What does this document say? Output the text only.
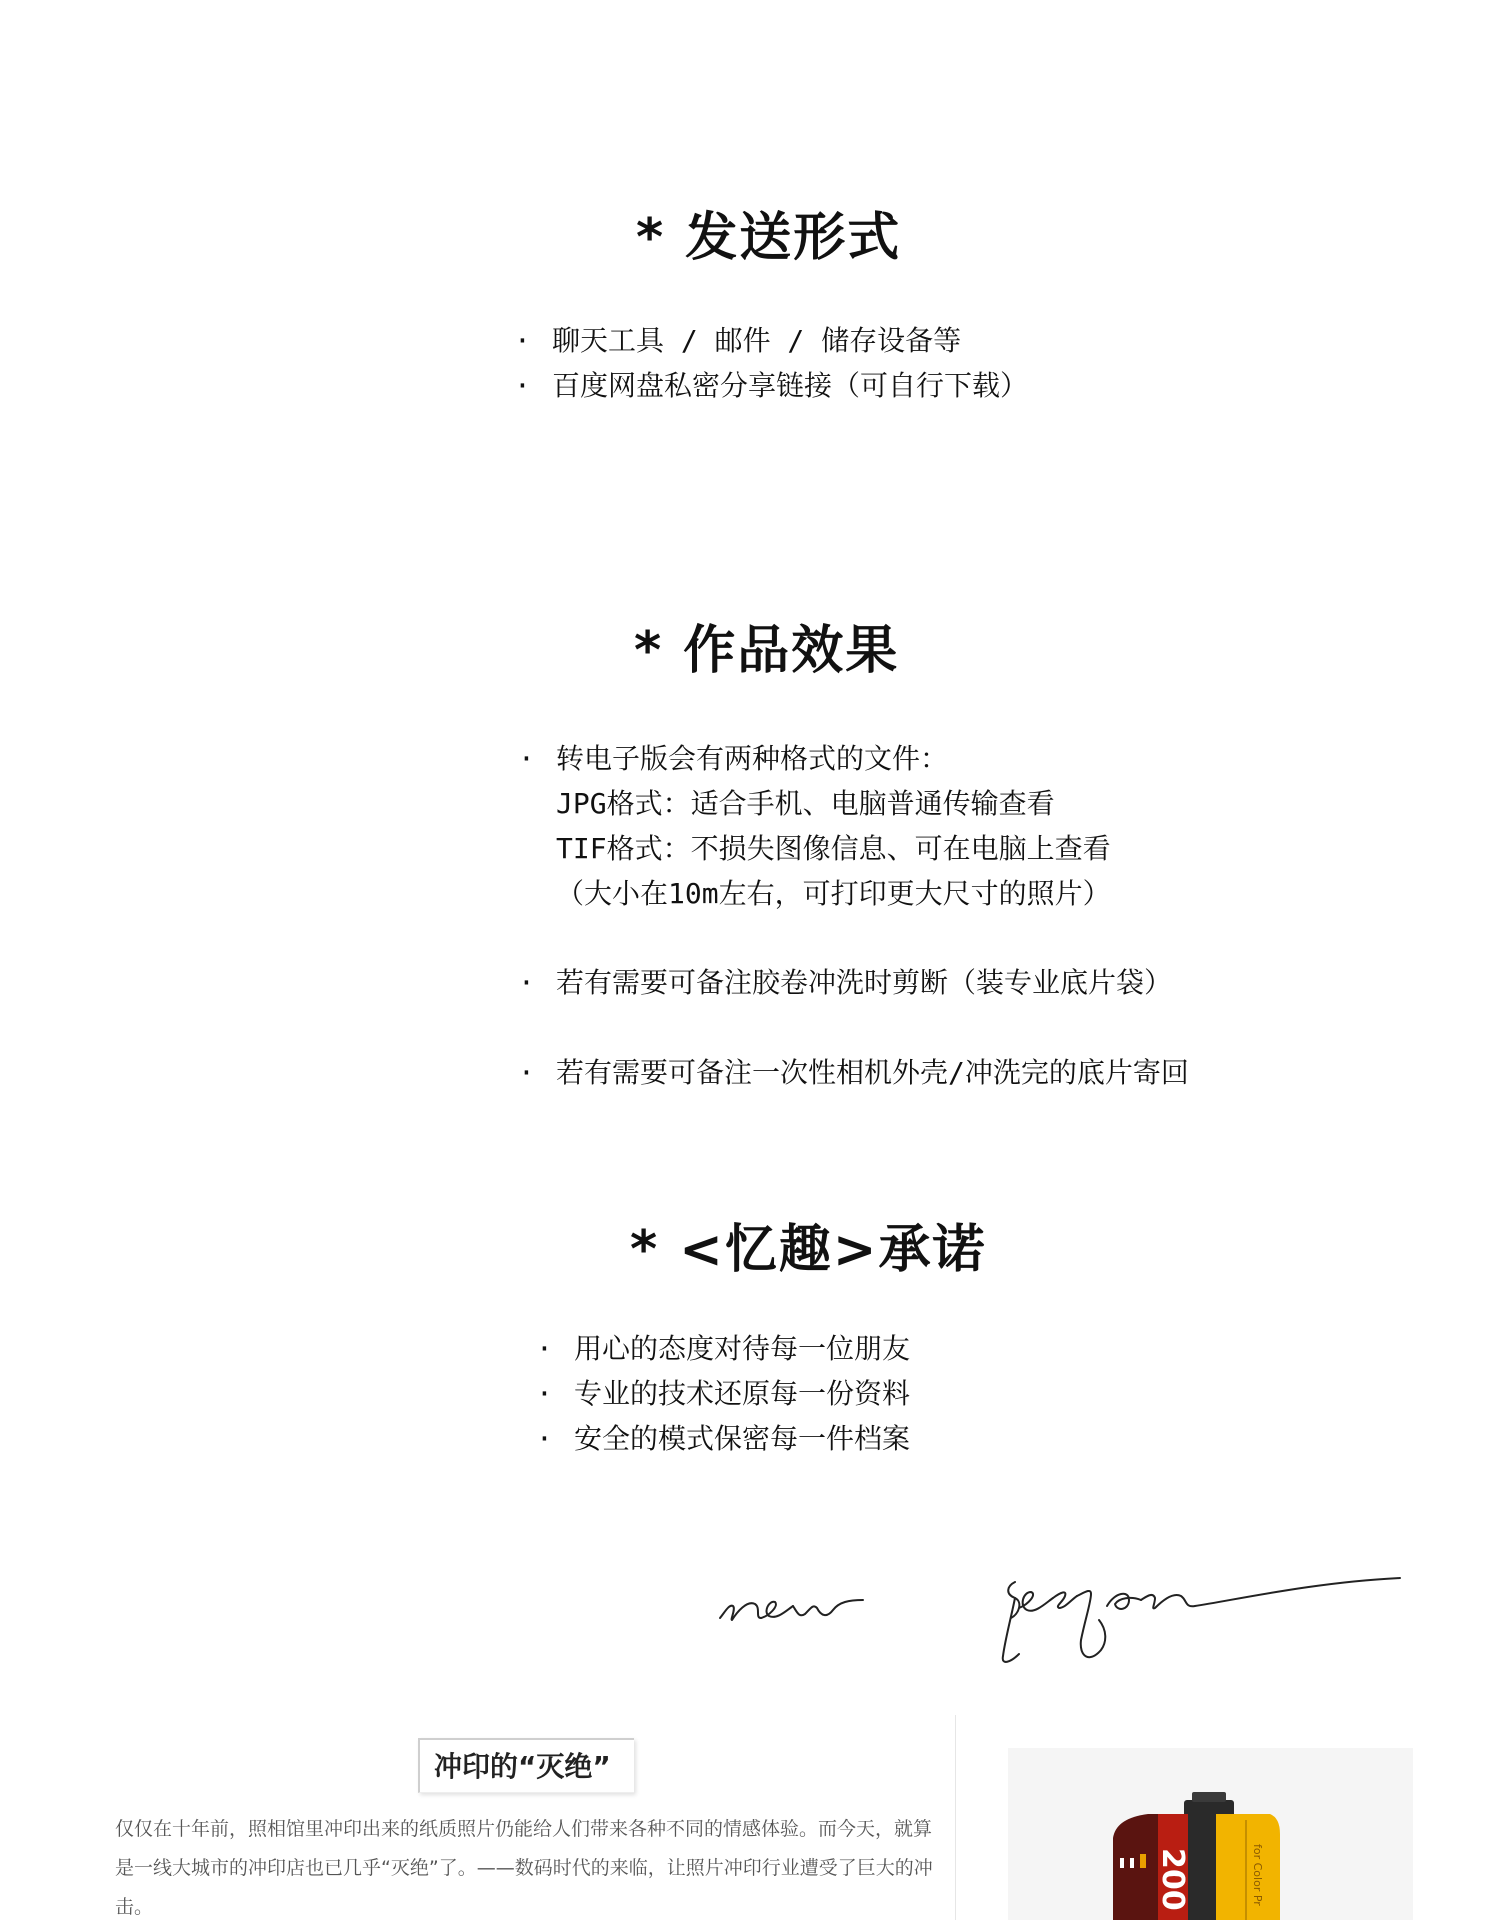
* 发送形式
· 聊天工具 / 邮件 / 储存设备等
· 百度网盘私密分享链接（可自行下载）
* 作品效果
· 转电子版会有两种格式的文件：
JPG格式：适合手机、电脑普通传输查看
TIF格式：不损失图像信息、可在电脑上查看
（大小在10m左右，可打印更大尺寸的照片）
· 若有需要可备注胶卷冲洗时剪断（装专业底片袋）
· 若有需要可备注一次性相机外壳/冲洗完的底片寄回
* <忆趣>承诺
· 用心的态度对待每一位朋友
· 专业的技术还原每一份资料
· 安全的模式保密每一件档案
冲印的“灭绝”
仅仅在十年前，照相馆里冲印出来的纸质照片仍能给人们带来各种不同的情感体验。而今天，就算是一线大城市的冲印店也已几乎“灭绝”了。——数码时代的来临，让照片冲印行业遭受了巨大的冲击。	200	for Color Pr
